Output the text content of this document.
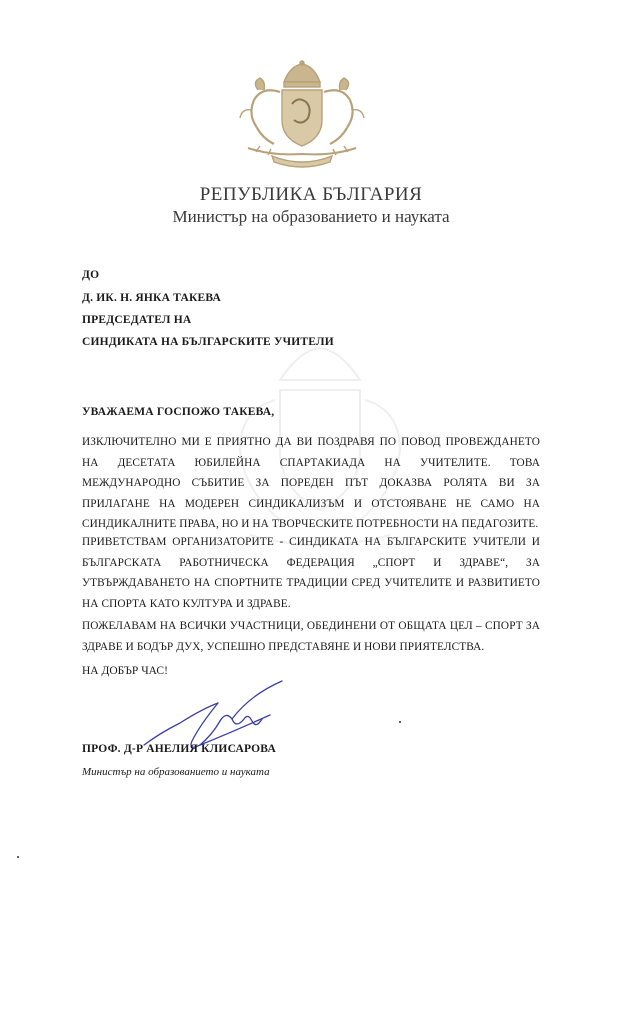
РЕПУБЛИКА БЪЛГАРИЯ
Министър на образованието и науката
ДО
Д. ИК. Н. ЯНКА ТАКЕВА
ПРЕДСЕДАТЕЛ НА
СИНДИКАТА НА БЪЛГАРСКИТЕ УЧИТЕЛИ
УВАЖАЕМА ГОСПОЖО ТАКЕВА,
ИЗКЛЮЧИТЕЛНО МИ Е ПРИЯТНО ДА ВИ ПОЗДРАВЯ ПО ПОВОД ПРОВЕЖДАНЕТО НА ДЕСЕТАТА ЮБИЛЕЙНА СПАРТАКИАДА НА УЧИТЕЛИТЕ. ТОВА МЕЖДУНАРОДНО СЪБИТИЕ ЗА ПОРЕДЕН ПЪТ ДОКАЗВА РОЛЯТА ВИ ЗА ПРИЛАГАНЕ НА МОДЕРЕН СИНДИКАЛИЗЪМ И ОТСТОЯВАНЕ НЕ САМО НА СИНДИКАЛНИТЕ ПРАВА, НО И НА ТВОРЧЕСКИТЕ ПОТРЕБНОСТИ НА ПЕДАГОЗИТЕ.
ПРИВЕТСТВАМ ОРГАНИЗАТОРИТЕ - СИНДИКАТА НА БЪЛГАРСКИТЕ УЧИТЕЛИ И БЪЛГАРСКАТА РАБОТНИЧЕСКА ФЕДЕРАЦИЯ „СПОРТ И ЗДРАВЕ“, ЗА УТВЪРЖДАВАНЕТО НА СПОРТНИТЕ ТРАДИЦИИ СРЕД УЧИТЕЛИТЕ И РАЗВИТИЕТО НА СПОРТА КАТО КУЛТУРА И ЗДРАВЕ.
ПОЖЕЛАВАМ НА ВСИЧКИ УЧАСТНИЦИ, ОБЕДИНЕНИ ОТ ОБЩАТА ЦЕЛ – СПОРТ ЗА ЗДРАВЕ И БОДЪР ДУХ, УСПЕШНО ПРЕДСТАВЯНЕ И НОВИ ПРИЯТЕЛСТВА.
НА ДОБЪР ЧАС!
ПРОФ. Д-Р АНЕЛИЯ КЛИСАРОВА
Министър на образованието и науката
